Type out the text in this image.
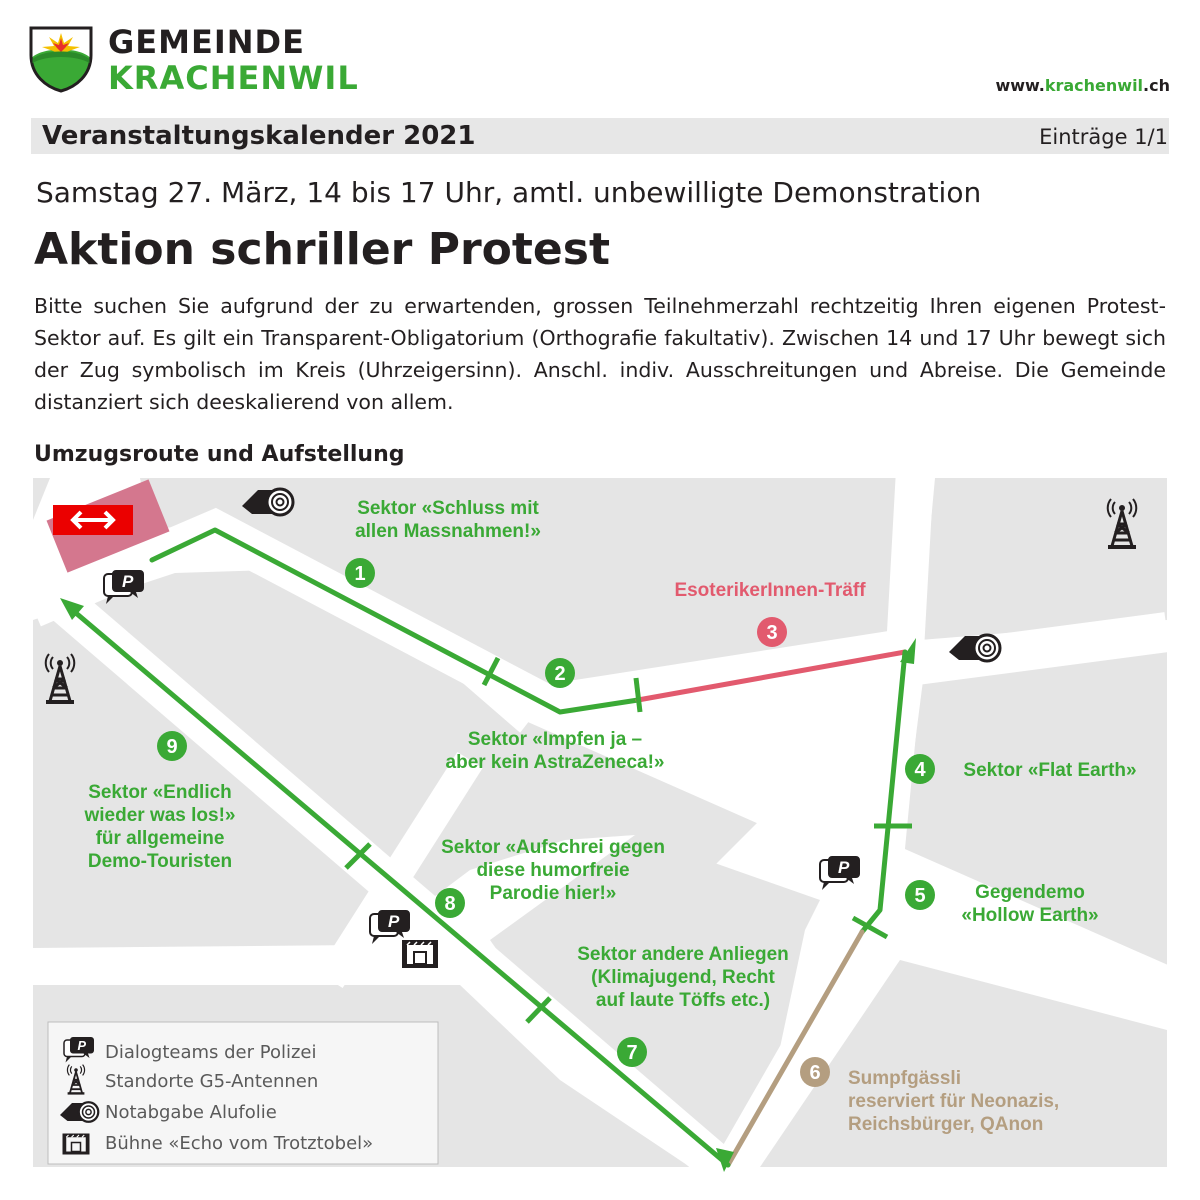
GEMEINDE
KRACHENWIL	www.krachenwil.ch
Veranstaltungskalender 2021	Einträge 1/1
Samstag 27. März, 14 bis 17 Uhr, amtl. unbewilligte Demonstration
Aktion schriller Protest
Bitte suchen Sie aufgrund der zu erwartenden, grossen Teilnehmerzahl rechtzeitig Ihren eigenen Protest-Sektor auf. Es gilt ein Transparent-Obligatorium (Orthografie fakultativ). Zwischen 14 und 17 Uhr bewegt sich der Zug symbolisch im Kreis (Uhrzeigersinn). Anschl. indiv. Ausschreitungen und Abreise. Die Gemeinde distanziert sich deeskalierend von allem.
Umzugsroute und Aufstellung
P
1
2
3
4
5
6
7
8
9
Sektor «Schluss mit allen Massnahmen!»
Sektor «Impfen ja – aber kein AstraZeneca!»
EsoterikerInnen-Träff
Sektor «Flat Earth»
Gegendemo «Hollow Earth»
Sumpfgässli reserviert für Neonazis, Reichsbürger, QAnon
Sektor andere Anliegen (Klimajugend, Recht auf laute Töffs etc.)
Sektor «Aufschrei gegen diese humorfreie Parodie hier!»
Sektor «Endlich wieder was los!» für allgemeine Demo-Touristen
Dialogteams der Polizei
Standorte G5-Antennen
Notabgabe Alufolie
Bühne «Echo vom Trotztobel»
